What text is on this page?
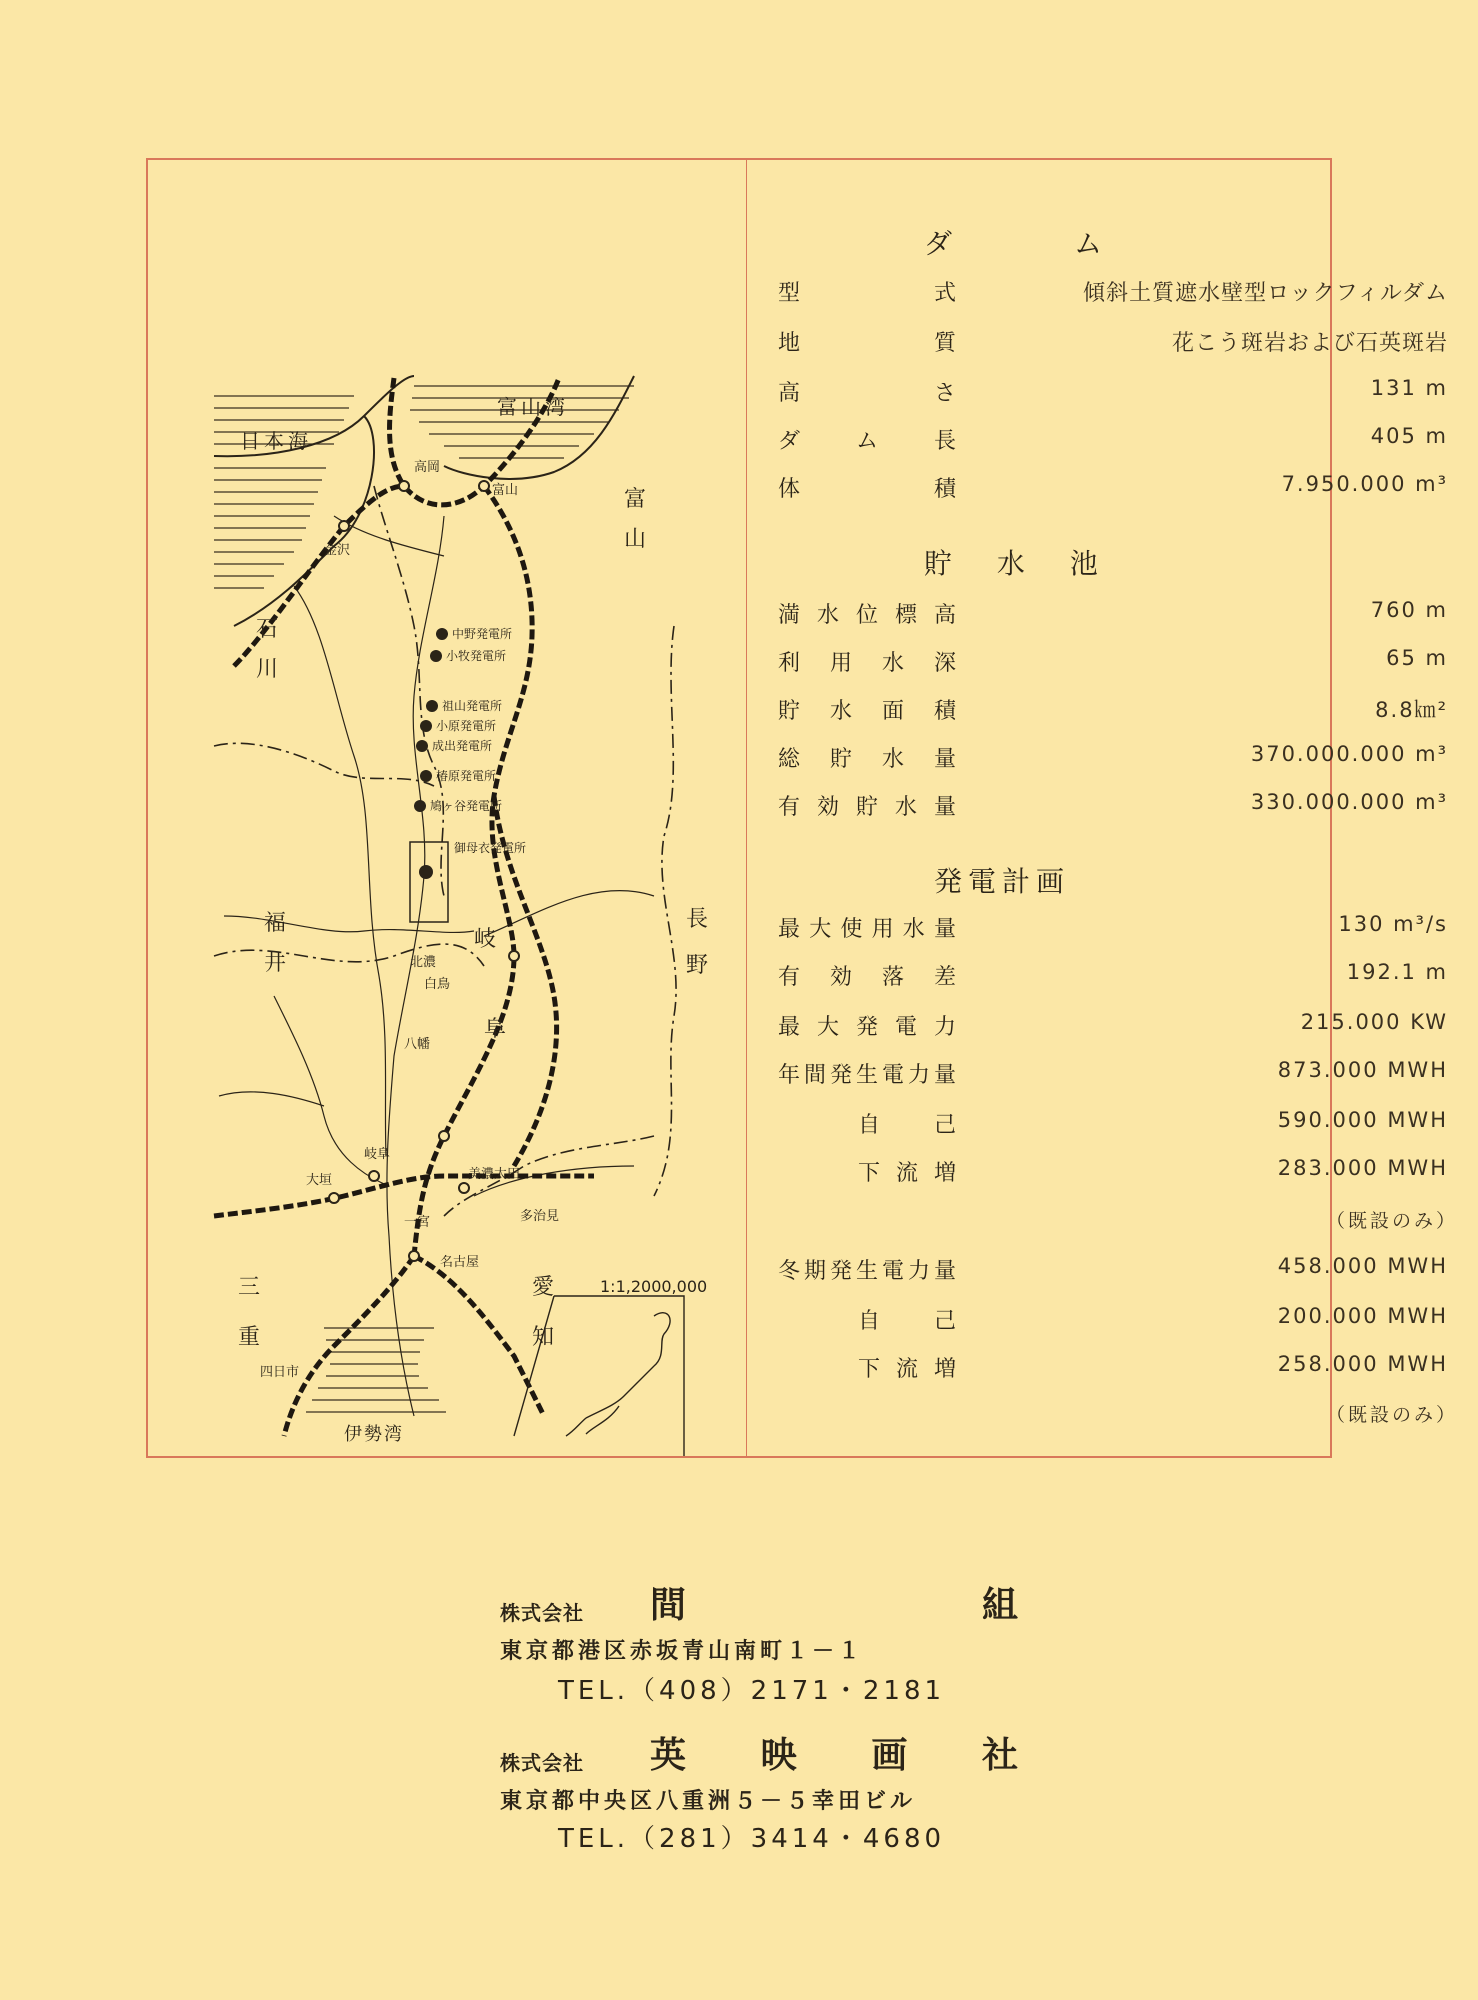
日本海
富山湾
伊勢湾
1:1,2000,000
石
川
福
井
富
山
岐
阜
長
野
三
重
愛
知
高岡
富山
金沢
北濃
白鳥
八幡
岐阜
大垣
一宮
名古屋
四日市
美濃太田
多治見
中野発電所
小牧発電所
祖山発電所
小原発電所
成出発電所
椿原発電所
鳩ヶ谷発電所
御母衣発電所
ダ　　ム
型　　式	傾斜土質遮水壁型ロックフィルダム
地　　質	花こう斑岩および石英斑岩
高　　さ	131 m
ダ ム 長	405 m
体　　積	7.950.000 m³
貯 水 池
満水位標高	760 m
利用水深	65 m
貯水面積	8.8㎞²
総貯水量	370.000.000 m³
有効貯水量	330.000.000 m³
発電計画
最大使用水量	130 m³/s
有効落差	192.1 m
最大発電力	215.000 KW
年間発生電力量	873.000 MWH
自　己	590.000 MWH
下流増	283.000 MWH
（既設のみ）
冬期発生電力量	458.000 MWH
自　己	200.000 MWH
下流増	258.000 MWH
（既設のみ）
株式会社 間　組
東京都港区赤坂青山南町１－１
TEL.（408）2171・2181
株式会社 英映画社
東京都中央区八重洲５－５幸田ビル
TEL.（281）3414・4680
